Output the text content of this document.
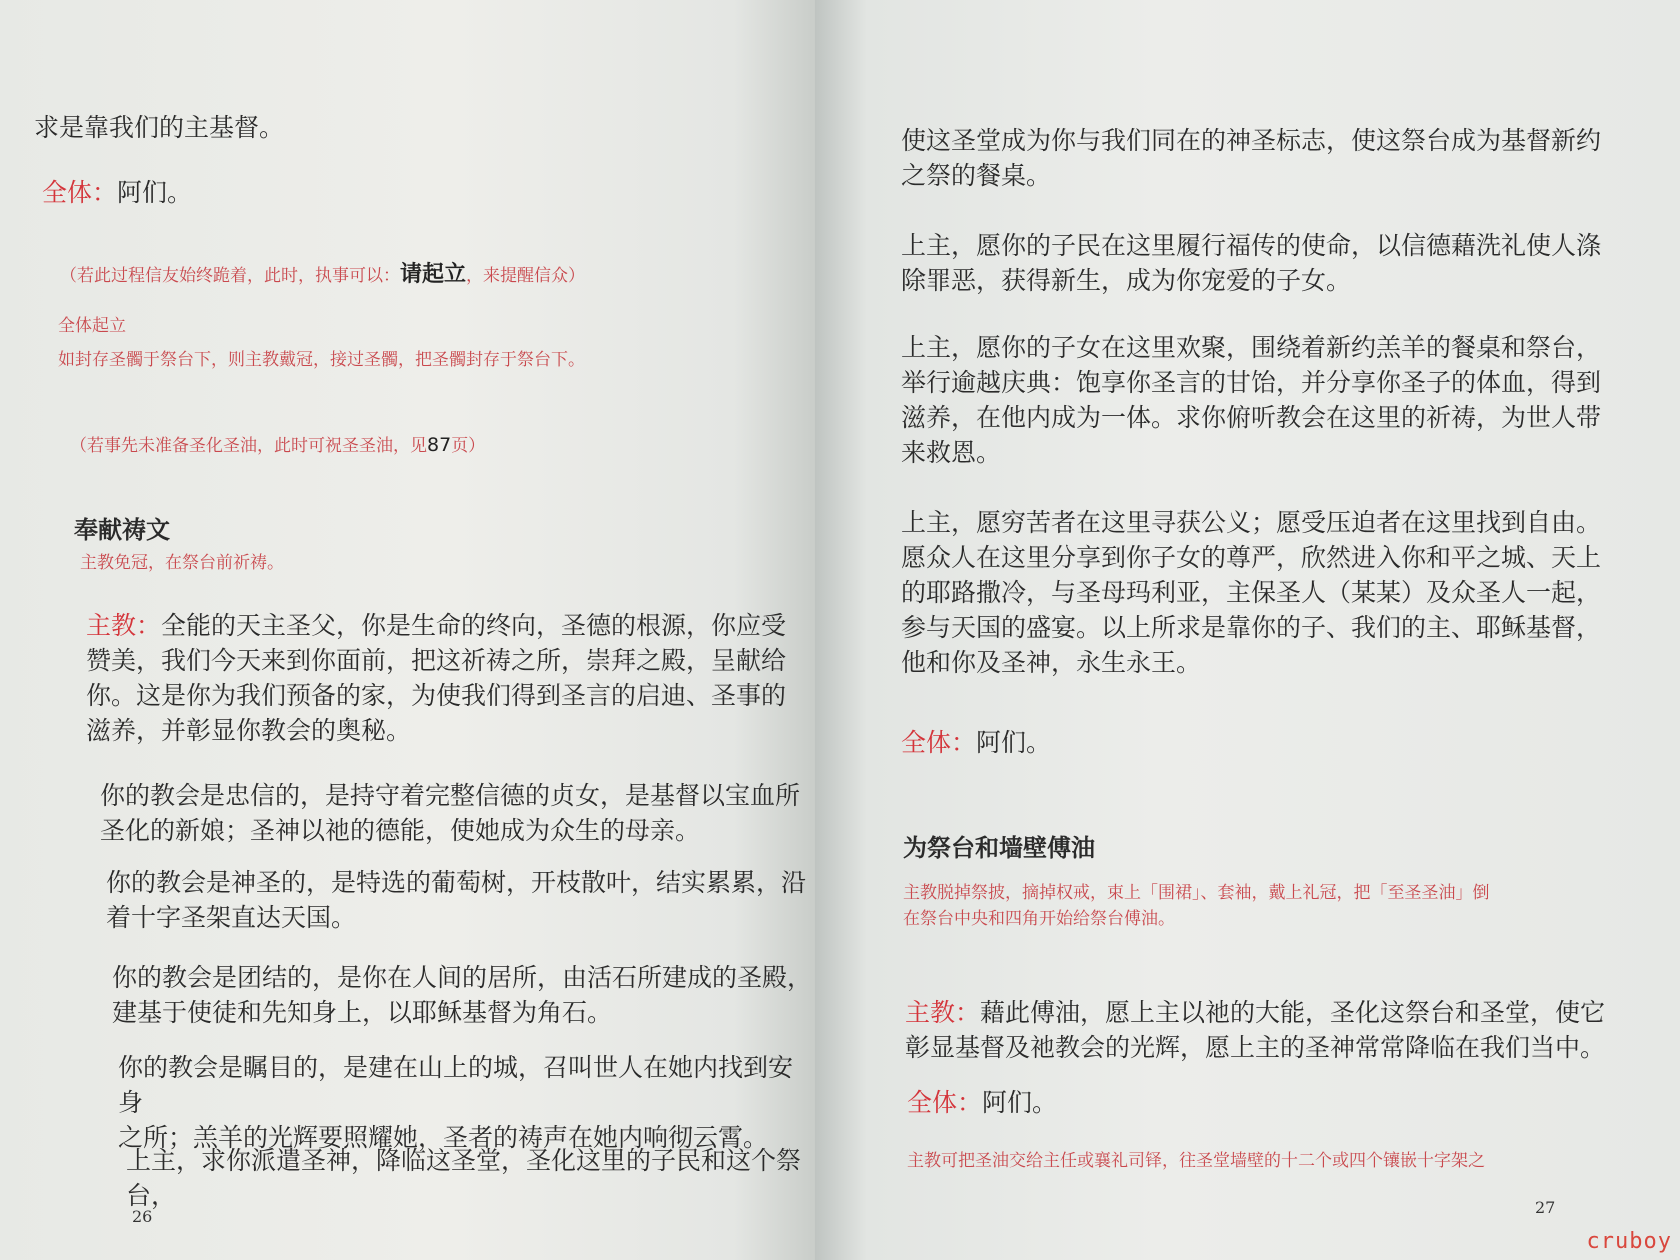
求是靠我们的主基督。

全体：阿们。

（若此过程信友始终跪着，此时，执事可以：请起立，来提醒信众）

全体起立

如封存圣髑于祭台下，则主教戴冠，接过圣髑，把圣髑封存于祭台下。

（若事先未准备圣化圣油，此时可祝圣圣油，见87页）

奉献祷文

主教免冠，在祭台前祈祷。

主教：全能的天主圣父，你是生命的终向，圣德的根源，你应受

赞美，我们今天来到你面前，把这祈祷之所，崇拜之殿，呈献给

你。这是你为我们预备的家，为使我们得到圣言的启迪、圣事的

滋养，并彰显你教会的奥秘。

你的教会是忠信的，是持守着完整信德的贞女，是基督以宝血所

圣化的新娘；圣神以祂的德能，使她成为众生的母亲。

你的教会是神圣的，是特选的葡萄树，开枝散叶，结实累累，沿

着十字圣架直达天国。

你的教会是团结的，是你在人间的居所，由活石所建成的圣殿，

建基于使徒和先知身上，以耶稣基督为角石。

你的教会是瞩目的，是建在山上的城，召叫世人在她内找到安身

之所；羔羊的光辉要照耀她，圣者的祷声在她内响彻云霄。

上主，求你派遣圣神，降临这圣堂，圣化这里的子民和这个祭台，

26

使这圣堂成为你与我们同在的神圣标志，使这祭台成为基督新约

之祭的餐桌。

上主，愿你的子民在这里履行福传的使命，以信德藉洗礼使人涤

除罪恶，获得新生，成为你宠爱的子女。

上主，愿你的子女在这里欢聚，围绕着新约羔羊的餐桌和祭台，

举行逾越庆典：饱享你圣言的甘饴，并分享你圣子的体血，得到

滋养，在他内成为一体。求你俯听教会在这里的祈祷，为世人带

来救恩。

上主，愿穷苦者在这里寻获公义；愿受压迫者在这里找到自由。

愿众人在这里分享到你子女的尊严，欣然进入你和平之城、天上

的耶路撒冷，与圣母玛利亚，主保圣人（某某）及众圣人一起，

参与天国的盛宴。以上所求是靠你的子、我们的主、耶稣基督，

他和你及圣神，永生永王。

全体：阿们。

为祭台和墙壁傅油

主教脱掉祭披，摘掉权戒，束上「围裙」、套袖，戴上礼冠，把「至圣圣油」倒

在祭台中央和四角开始给祭台傅油。

主教：藉此傅油，愿上主以祂的大能，圣化这祭台和圣堂，使它

彰显基督及祂教会的光辉，愿上主的圣神常常降临在我们当中。

全体：阿们。

主教可把圣油交给主任或襄礼司铎，往圣堂墙壁的十二个或四个镶嵌十字架之

27

cruboy
